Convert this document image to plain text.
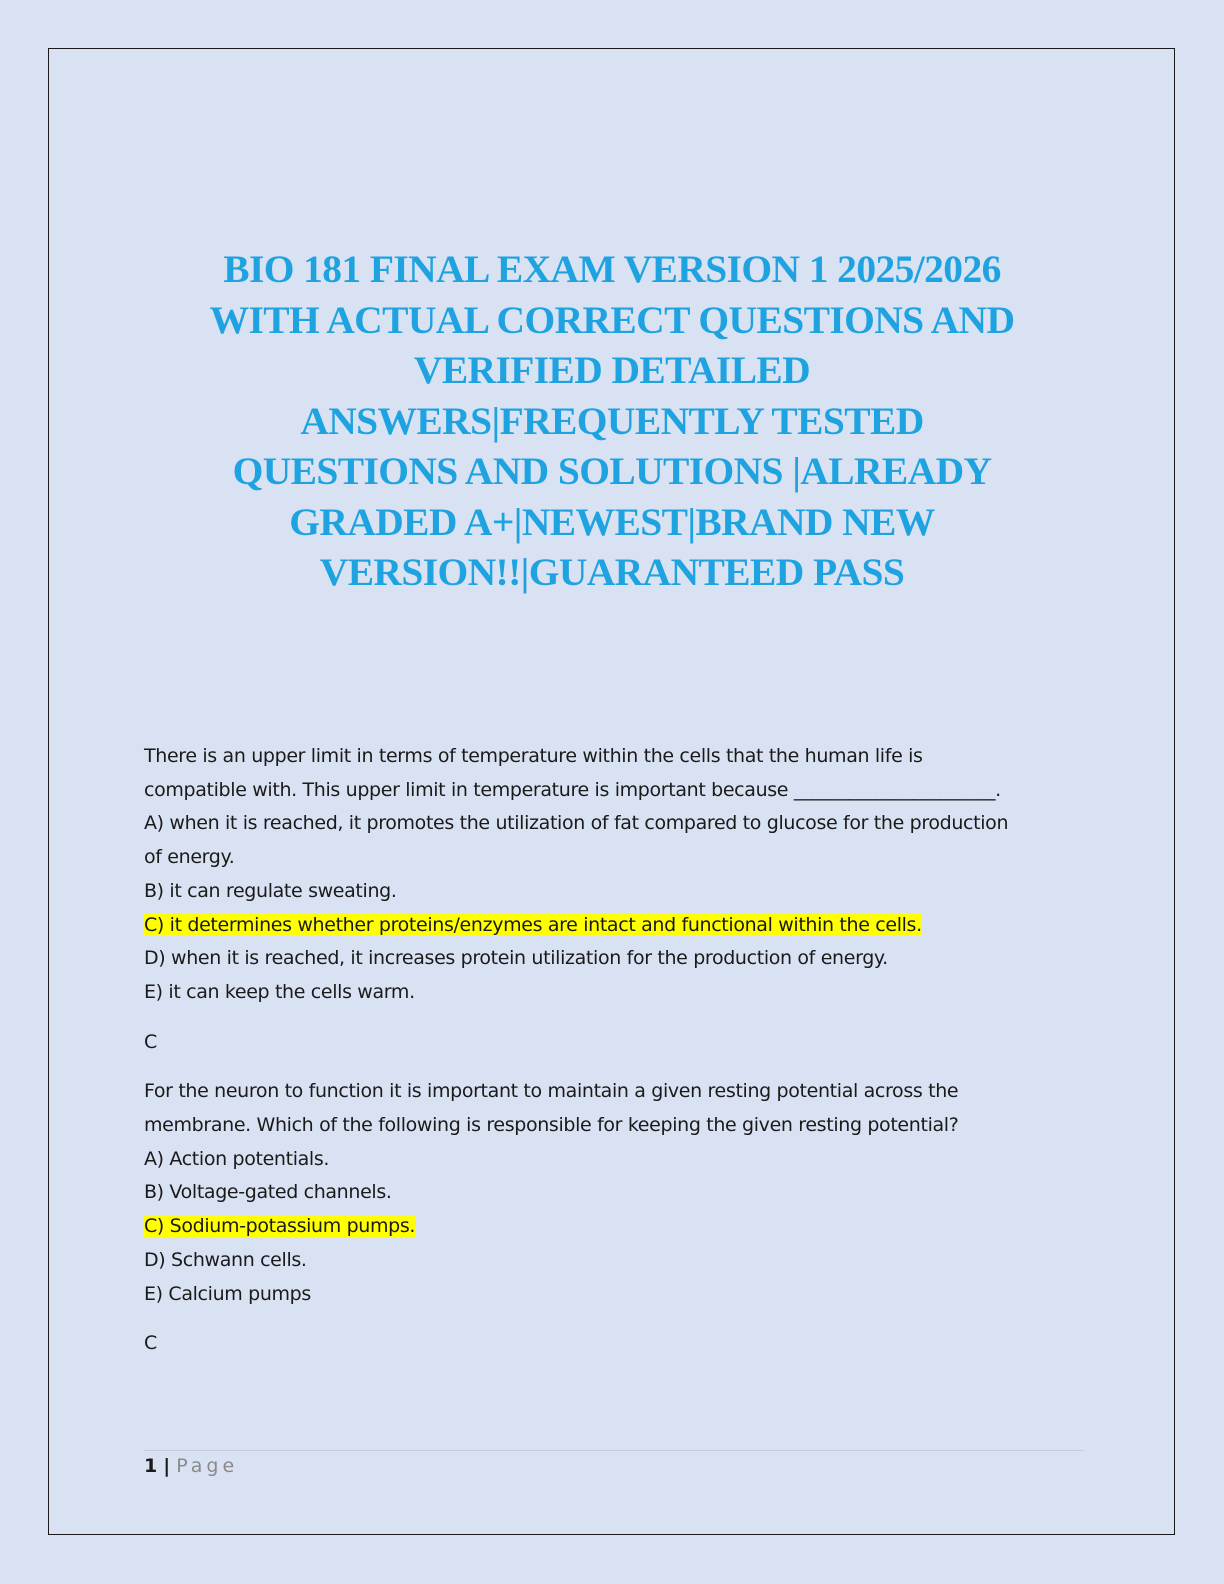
BIO 181 FINAL EXAM VERSION 1 2025/2026
WITH ACTUAL CORRECT QUESTIONS AND
VERIFIED DETAILED
ANSWERS|FREQUENTLY TESTED
QUESTIONS AND SOLUTIONS |ALREADY
GRADED A+|NEWEST|BRAND NEW
VERSION!!|GUARANTEED PASS
There is an upper limit in terms of temperature within the cells that the human life is
compatible with. This upper limit in temperature is important because ______________________.
A) when it is reached, it promotes the utilization of fat compared to glucose for the production
of energy.
B) it can regulate sweating.
C) it determines whether proteins/enzymes are intact and functional within the cells.
D) when it is reached, it increases protein utilization for the production of energy.
E) it can keep the cells warm.
C
For the neuron to function it is important to maintain a given resting potential across the
membrane. Which of the following is responsible for keeping the given resting potential?
A) Action potentials.
B) Voltage-gated channels.
C) Sodium-potassium pumps.
D) Schwann cells.
E) Calcium pumps
C
1 | Page
